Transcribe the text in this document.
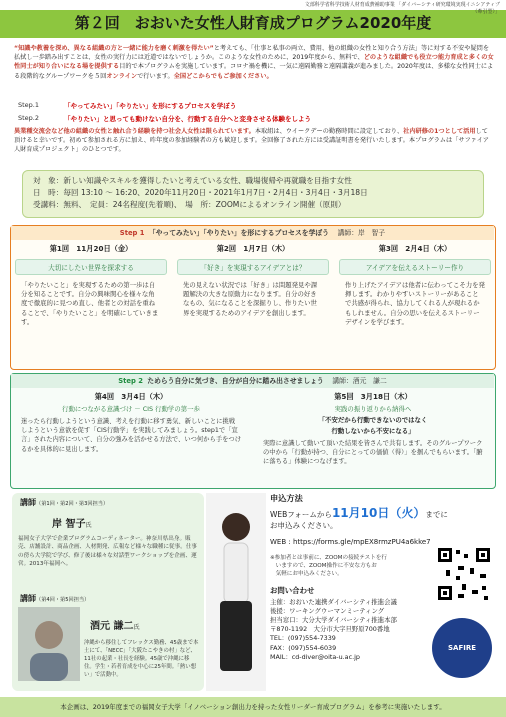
文部科学省科学技術人材育成費補助事業 「ダイバーシティ研究環境実現イニシアティブ（牽引型）」
第２回　おおいた女性人財育成プログラム2020年度
“知識や教養を深め、異なる組織の方と一緒に能力を磨く刺激を得たい”と考えても、「仕事と私事の両立、費用、他の組織の女性と知り合う方法」等に対する不安や疑問を払拭し一歩踏み出すことは、女性の実行力には近道ではないでしょうか。このような女性のために、2019年度から、無料で、どのような組織でも役立つ能力育成と多くの女性同士が知り合いになる場を提供する目的で本プログラムを実施しています。コロナ禍を機に、一気に遠隔勤務と遠隔講義が進みました。2020年度は、多様な女性同士による段階的なグループワークを５回オンラインで行います。全国どこからでもご参加ください。
Step.1	「やってみたい」「やりたい」を形にするプロセスを学ぼう
Step.2	「やりたい」と思っても動けない自分を、行動する自分へと変身させる体験をしよう
異業種交流会など他の組織の女性と触れ合う経験を持つ社会人女性は限られています。本取組は、ウイークデーの勤務時間に設定しており、社内研修の1つとして活用して頂けると幸いです。初めて参加される方に加え、昨年度の参加経験者の方も歓迎します。全回修了された方には受講証明書を発行いたします。本プログラムは「サファイア人財育成プロジェクト」のひとつです。
対　象：新しい知識やスキルを獲得したいと考えている女性、職場復帰や再就職を目指す女性
日　時：毎回 13:10 ～ 16:20、2020年11月20日・2021年1月7日・2月4日・3月4日・3月18日
受講料：無料、　定員：24名程度(先着順)、　場　所：ZOOMによるオンライン開催（原則）
Step 1 「やってみたい」「やりたい」を形にするプロセスを学ぼう 講師：岸　智子
第1回　11月20日（金）
大切にしたい世界を探求する
「やりたいこと」を実現するための第一歩は自分を知ることです。自分の興味関心を様々な角度で徹底的に見つめ直し、他者との対話を重ねることで、「やりたいこと」を明確にしていきます。
第2回　1月7日（木）
「好き」を実現するアイデアとは？
先の見えない状況では「好き」は問題発見や課題解決の大きな原動力になります。自分の好きなもの、気になることを深掘りし、作りたい世界を実現するためのアイデアを創出します。
第3回　2月4日（木）
アイデアを伝えるストーリー作り
作り上げたアイデアは他者に伝わってこそ力を発揮します。わかりやすいストーリーがあることで共感が得られ、協力してくれる人が現れるかもしれません。自分の思いを伝えるストーリーデザインを学びます。
Step 2 ためらう自分に気づき、自分が自分に踏み出させましょう 講師：酒元　謙二
第4回　3月4日（木）
行動につながる意識づけ － CIS 行動学の第一歩
迷ったら行動しようという意識、考えを行動に移す勇気、新しいことに挑戦しようという意欲を促す「CIS行動学」を実践してみましょう。step1で「宣言」された内容について、自分の強みを活かせる方法で、いつ何から手をつけるかを具体的に見出します。
第5回　3月18日（木）
実践の振り返りから納得へ
「不安だから行動できないのではなく
行動しないから不安になる」
実際に意識して動いて頂いた結果を皆さんで共有します。そのグループワークの中から「行動が持つ、自分にとっての価値（得）」を掴んでもらいます。「腑に落ちる」体験につなげます。
講師（第1回・第2回・第3回担当）
岸 智子氏
福岡女子大学で企業プログラムコーディネーター。神奈川県出身。販売、店舗設計、商品企画、人材開発、広報など様々な職種に従事。仕事の傍ら大学院で学び、修了後は様々な対話型ワークショップを企画、運営。2013年福岡へ。
講師（第4回・第5回担当）
酒元 謙二氏
沖縄から移住してフレックス勤務、45歳まで本土にて、「NECC」「大阪たこやきの村」など、11社の起業・社長を経験。45歳で沖縄に移住。学生・若者育成を中心に25年間。「熱い想い」で活動中。
申込方法
WEBフォームから11月10日（火）までに
お申込みください。
WEB : https://forms.gle/mpEX8rmzPU4a6kke7
※参加者とは事前に、ZOOMの接続テストを行
　いますので、ZOOM操作に不安な方もお
　気軽にお申込みください。
お問い合わせ
主催：おおいた連携ダイバーシティ推進会議
後援：ワーキングウーマンミーティング
担当窓口：大分大学ダイバーシティ推進本部
〒870-1192　大分市大字旦野原700番地
TEL：(097)554-7339
FAX：(097)554-6039
MAIL：cd-diver@oita-u.ac.jp
SAFIRE
本企画は、2019年度までの福岡女子大学「イノベーション創出力を持った女性リーダー育成プログラム」を参考に実施いたします。
